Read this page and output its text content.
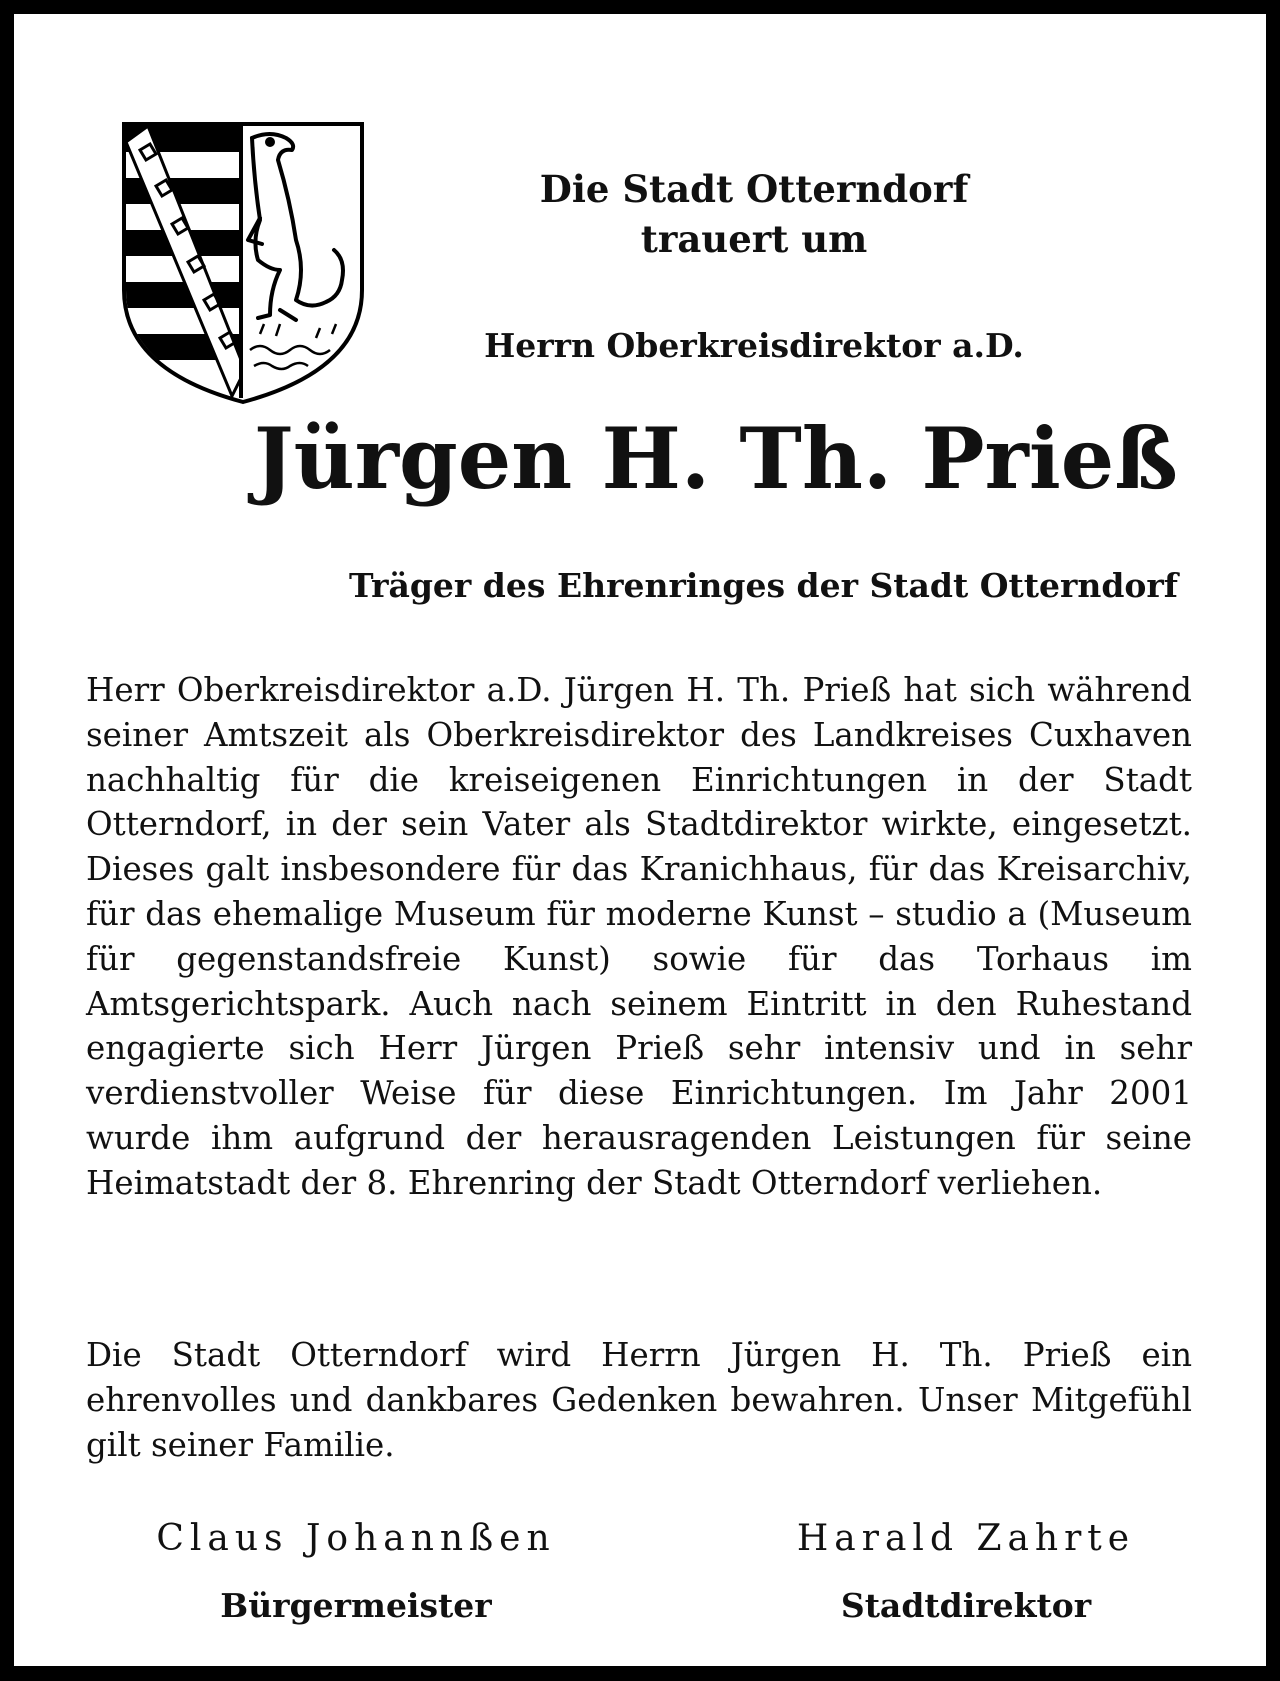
Die Stadt Otterndorf
trauert um
Herrn Oberkreisdirektor a.D.
Jürgen H. Th. Prieß
Träger des Ehrenringes der Stadt Otterndorf
Herr Oberkreisdirektor a.D. Jürgen H. Th. Prieß hat sich während seiner Amtszeit als Oberkreisdirektor des Landkreises Cuxhaven nachhaltig für die kreiseigenen Einrichtungen in der Stadt Otterndorf, in der sein Vater als Stadtdirektor wirkte, eingesetzt. Dieses galt insbesondere für das Kranichhaus, für das Kreisarchiv, für das ehemalige Museum für moderne Kunst – studio a (Museum für gegenstandsfreie Kunst) sowie für das Torhaus im Amtsgerichtspark. Auch nach seinem Eintritt in den Ruhestand engagierte sich Herr Jürgen Prieß sehr intensiv und in sehr verdienstvoller Weise für diese Einrichtungen. Im Jahr 2001 wurde ihm aufgrund der herausragenden Leistungen für seine Heimatstadt der 8. Ehrenring der Stadt Otterndorf verliehen.
Die Stadt Otterndorf wird Herrn Jürgen H. Th. Prieß ein ehrenvolles und dankbares Gedenken bewahren. Unser Mitgefühl gilt seiner Familie.
Claus Johannßen
Bürgermeister
Harald Zahrte
Stadtdirektor
